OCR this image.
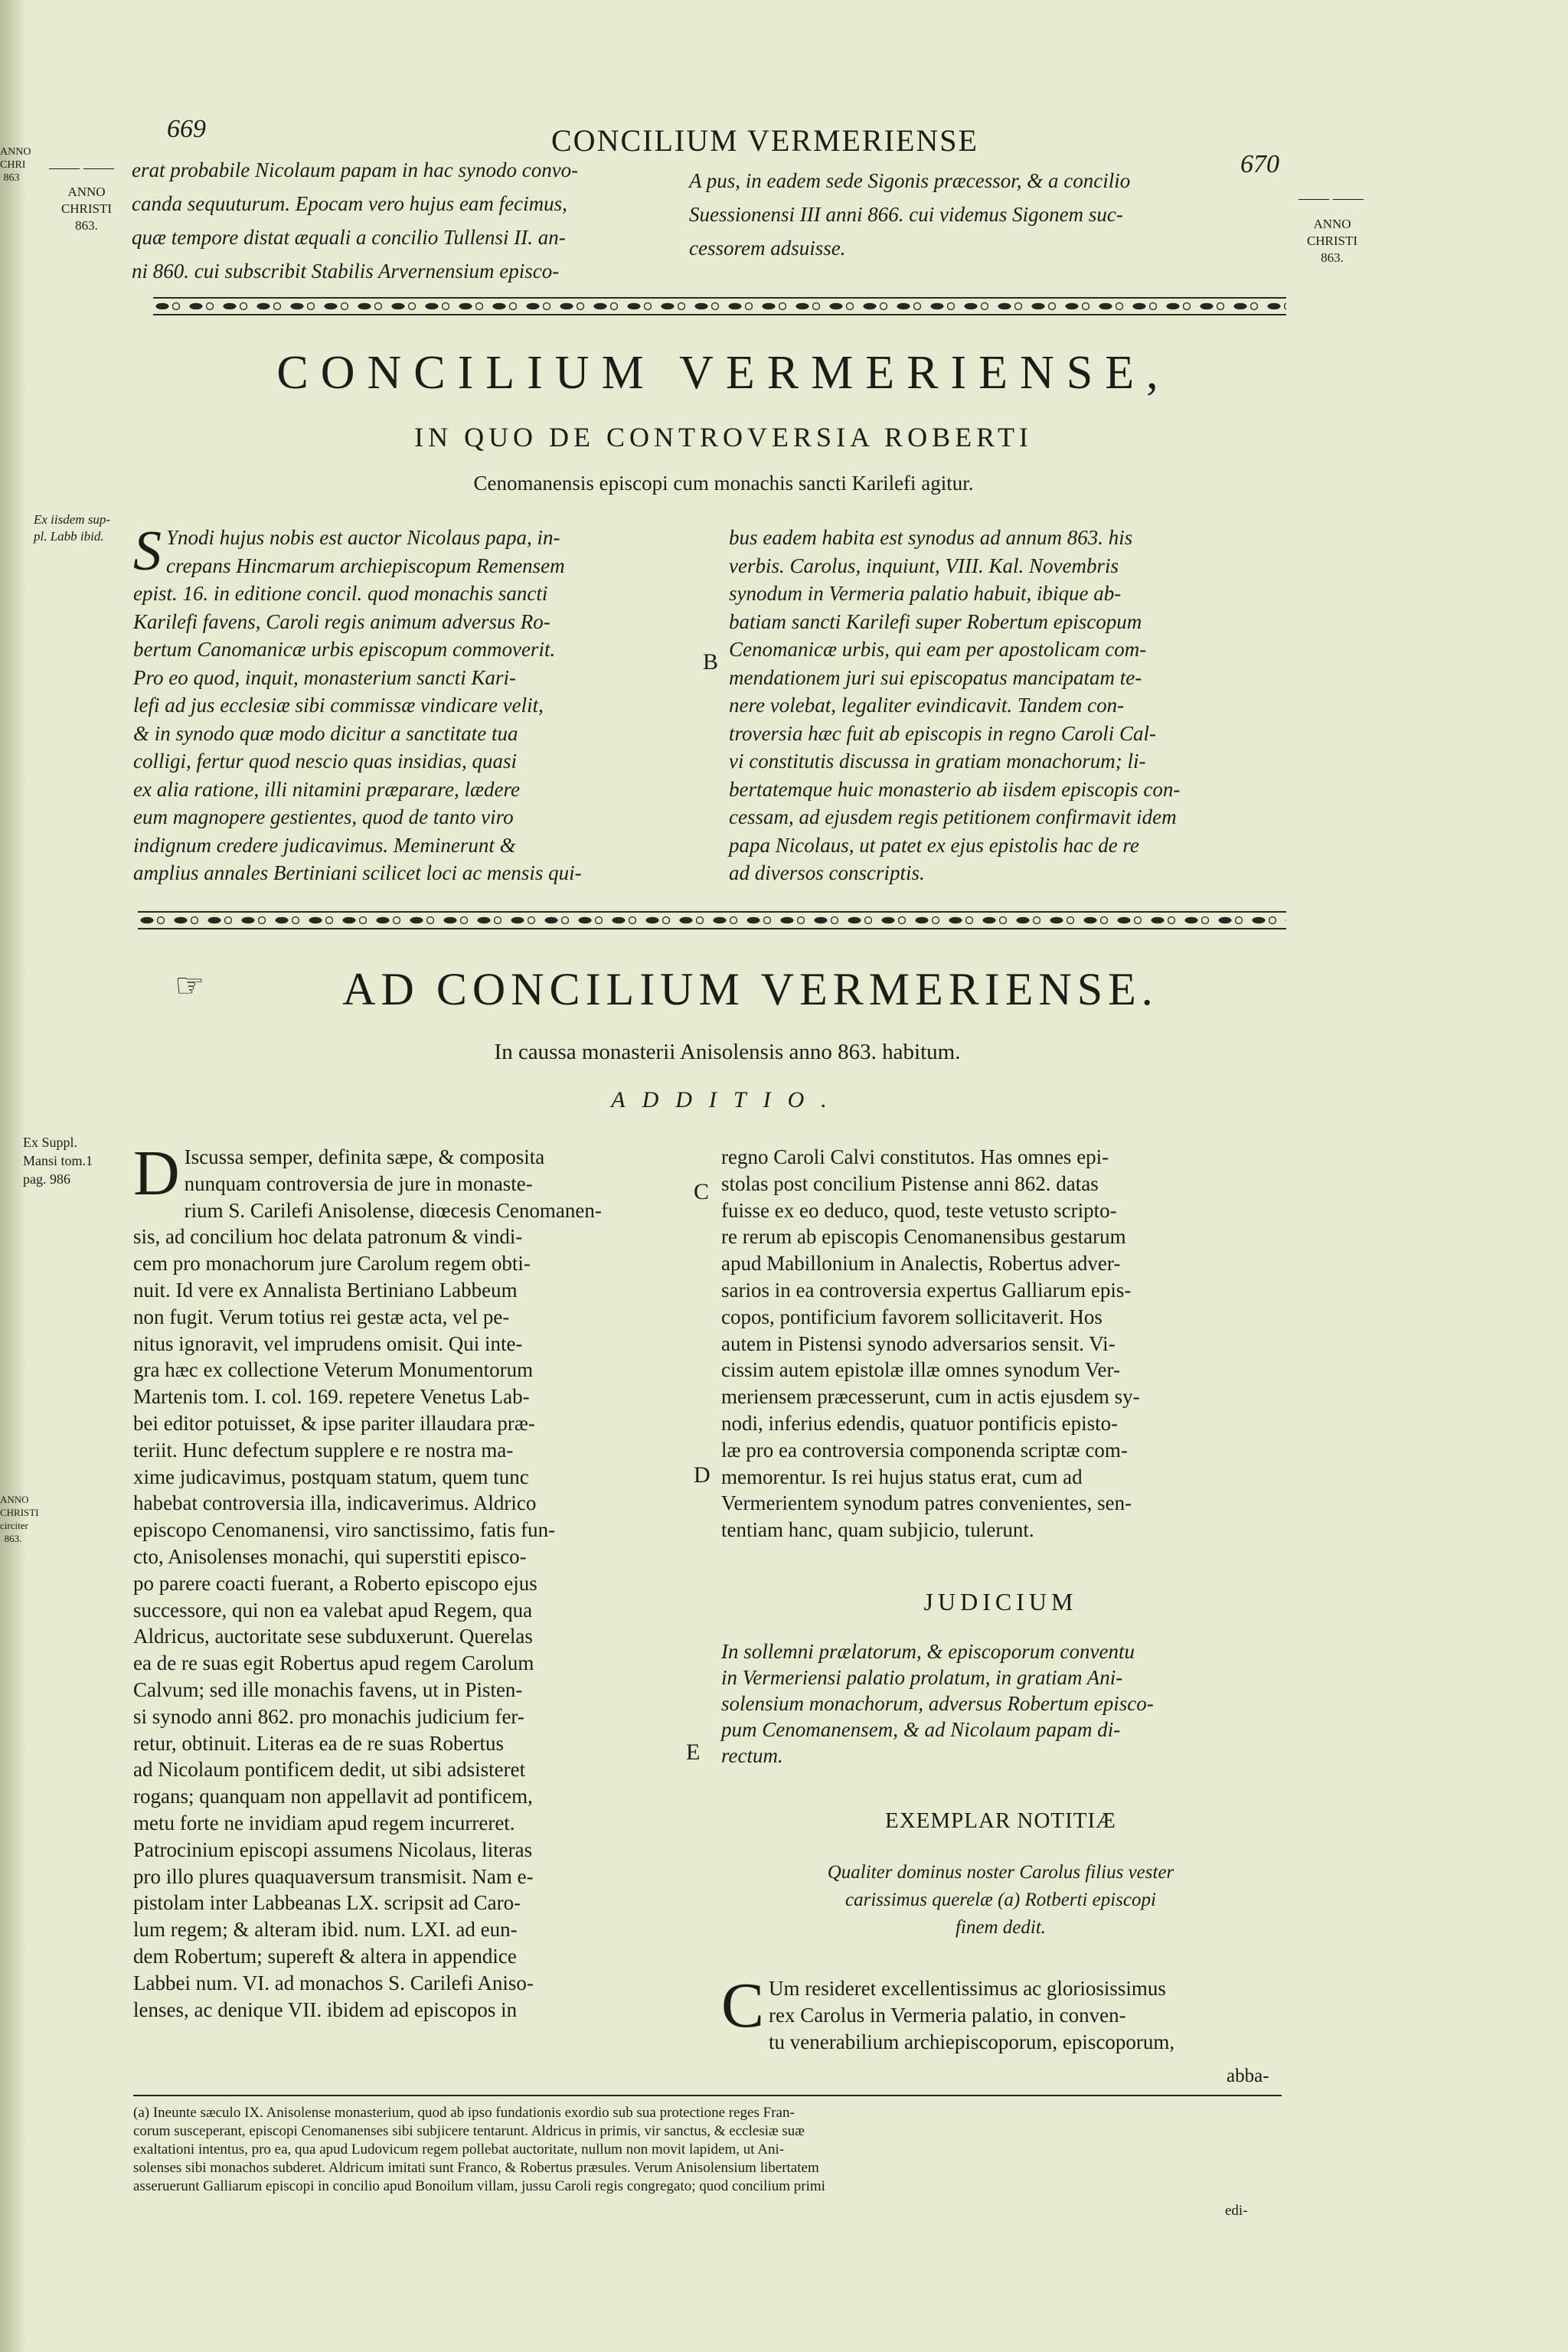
669	CONCILIUM VERMERIENSE
670
ANNO
CHRI
863
ANNO
CHRISTI
863.
—— ——
ANNO
CHRISTI
863.
—— ——

erat probabile Nicolaum papam in hac synodo convo-

canda sequuturum. Epocam vero hujus eam fecimus,

quæ tempore distat æquali a concilio Tullensi II. an-

ni 860. cui subscribit Stabilis Arvernensium episco-

A pus, in eadem sede Sigonis præcessor, & a concilio

Suessionensi III anni 866. cui videmus Sigonem suc-

cessorem adsuisse.

CONCILIUM VERMERIENSE,
IN QUO DE CONTROVERSIA ROBERTI
Cenomanensis episcopi cum monachis sancti Karilefi agitur.
Ex iisdem sup-
pl. Labb ibid. S Ynodi hujus nobis est auctor Nicolaus papa, in-

crepans Hincmarum archiepiscopum Remensem

epist. 16. in editione concil. quod monachis sancti

Karilefi favens, Caroli regis animum adversus Ro-

bertum Canomanicæ urbis episcopum commoverit.

Pro eo quod, inquit, monasterium sancti Kari-

lefi ad jus ecclesiæ sibi commissæ vindicare velit,

& in synodo quæ modo dicitur a sanctitate tua

colligi, fertur quod nescio quas insidias, quasi

ex alia ratione, illi nitamini præparare, lædere

eum magnopere gestientes, quod de tanto viro

indignum credere judicavimus. Meminerunt &

amplius annales Bertiniani scilicet loci ac mensis qui-

B

bus eadem habita est synodus ad annum 863. his

verbis. Carolus, inquiunt, VIII. Kal. Novembris

synodum in Vermeria palatio habuit, ibique ab-

batiam sancti Karilefi super Robertum episcopum

Cenomanicæ urbis, qui eam per apostolicam com-

mendationem juri sui episcopatus mancipatam te-

nere volebat, legaliter evindicavit. Tandem con-

troversia hæc fuit ab episcopis in regno Caroli Cal-

vi constitutis discussa in gratiam monachorum; li-

bertatemque huic monasterio ab iisdem episcopis con-

cessam, ad ejusdem regis petitionem confirmavit idem

papa Nicolaus, ut patet ex ejus epistolis hac de re

ad diversos conscriptis.

☞	AD CONCILIUM VERMERIENSE.
In caussa monasterii Anisolensis anno 863. habitum.
ADDITIO.
Ex Suppl.
Mansi tom.1
pag. 986
ANNO
CHRISTI
circiter
863.
D Iscussa semper, definita sæpe, & composita

nunquam controversia de jure in monaste-

rium S. Carilefi Anisolense, diœcesis Cenomanen-

sis, ad concilium hoc delata patronum & vindi-

cem pro monachorum jure Carolum regem obti-

nuit. Id vere ex Annalista Bertiniano Labbeum

non fugit. Verum totius rei gestæ acta, vel pe-

nitus ignoravit, vel imprudens omisit. Qui inte-

gra hæc ex collectione Veterum Monumentorum

Martenis tom. I. col. 169. repetere Venetus Lab-

bei editor potuisset, & ipse pariter illaudara præ-

teriit. Hunc defectum supplere e re nostra ma-

xime judicavimus, postquam statum, quem tunc

habebat controversia illa, indicaverimus. Aldrico

episcopo Cenomanensi, viro sanctissimo, fatis fun-

cto, Anisolenses monachi, qui superstiti episco-

po parere coacti fuerant, a Roberto episcopo ejus

successore, qui non ea valebat apud Regem, qua

Aldricus, auctoritate sese subduxerunt. Querelas

ea de re suas egit Robertus apud regem Carolum

Calvum; sed ille monachis favens, ut in Pisten-

si synodo anni 862. pro monachis judicium fer-

retur, obtinuit. Literas ea de re suas Robertus

ad Nicolaum pontificem dedit, ut sibi adsisteret

rogans; quanquam non appellavit ad pontificem,

metu forte ne invidiam apud regem incurreret.

Patrocinium episcopi assumens Nicolaus, literas

pro illo plures quaquaversum transmisit. Nam e-

pistolam inter Labbeanas LX. scripsit ad Caro-

lum regem; & alteram ibid. num. LXI. ad eun-

dem Robertum; supereft & altera in appendice

Labbei num. VI. ad monachos S. Carilefi Aniso-

lenses, ac denique VII. ibidem ad episcopos in

C
D
E

regno Caroli Calvi constitutos. Has omnes epi-

stolas post concilium Pistense anni 862. datas

fuisse ex eo deduco, quod, teste vetusto scripto-

re rerum ab episcopis Cenomanensibus gestarum

apud Mabillonium in Analectis, Robertus adver-

sarios in ea controversia expertus Galliarum epis-

copos, pontificium favorem sollicitaverit. Hos

autem in Pistensi synodo adversarios sensit. Vi-

cissim autem epistolæ illæ omnes synodum Ver-

meriensem præcesserunt, cum in actis ejusdem sy-

nodi, inferius edendis, quatuor pontificis episto-

læ pro ea controversia componenda scriptæ com-

memorentur. Is rei hujus status erat, cum ad

Vermerientem synodum patres convenientes, sen-

tentiam hanc, quam subjicio, tulerunt.

JUDICIUM

In sollemni prælatorum, & episcoporum conventu

in Vermeriensi palatio prolatum, in gratiam Ani-

solensium monachorum, adversus Robertum episco-

pum Cenomanensem, & ad Nicolaum papam di-

rectum.

EXEMPLAR NOTITIÆ
Qualiter dominus noster Carolus filius vester
carissimus querelæ (a) Rotberti episcopi
finem dedit.
C Um resideret excellentissimus ac gloriosissimus

rex Carolus in Vermeria palatio, in conven-

tu venerabilium archiepiscoporum, episcoporum,

abba-

(a) Ineunte sæculo IX. Anisolense monasterium, quod ab ipso fundationis exordio sub sua protectione reges Fran-

corum susceperant, episcopi Cenomanenses sibi subjicere tentarunt. Aldricus in primis, vir sanctus, & ecclesiæ suæ

exaltationi intentus, pro ea, qua apud Ludovicum regem pollebat auctoritate, nullum non movit lapidem, ut Ani-

solenses sibi monachos subderet. Aldricum imitati sunt Franco, & Robertus præsules. Verum Anisolensium libertatem

asseruerunt Galliarum episcopi in concilio apud Bonoilum villam, jussu Caroli regis congregato; quod concilium primi

edi-
